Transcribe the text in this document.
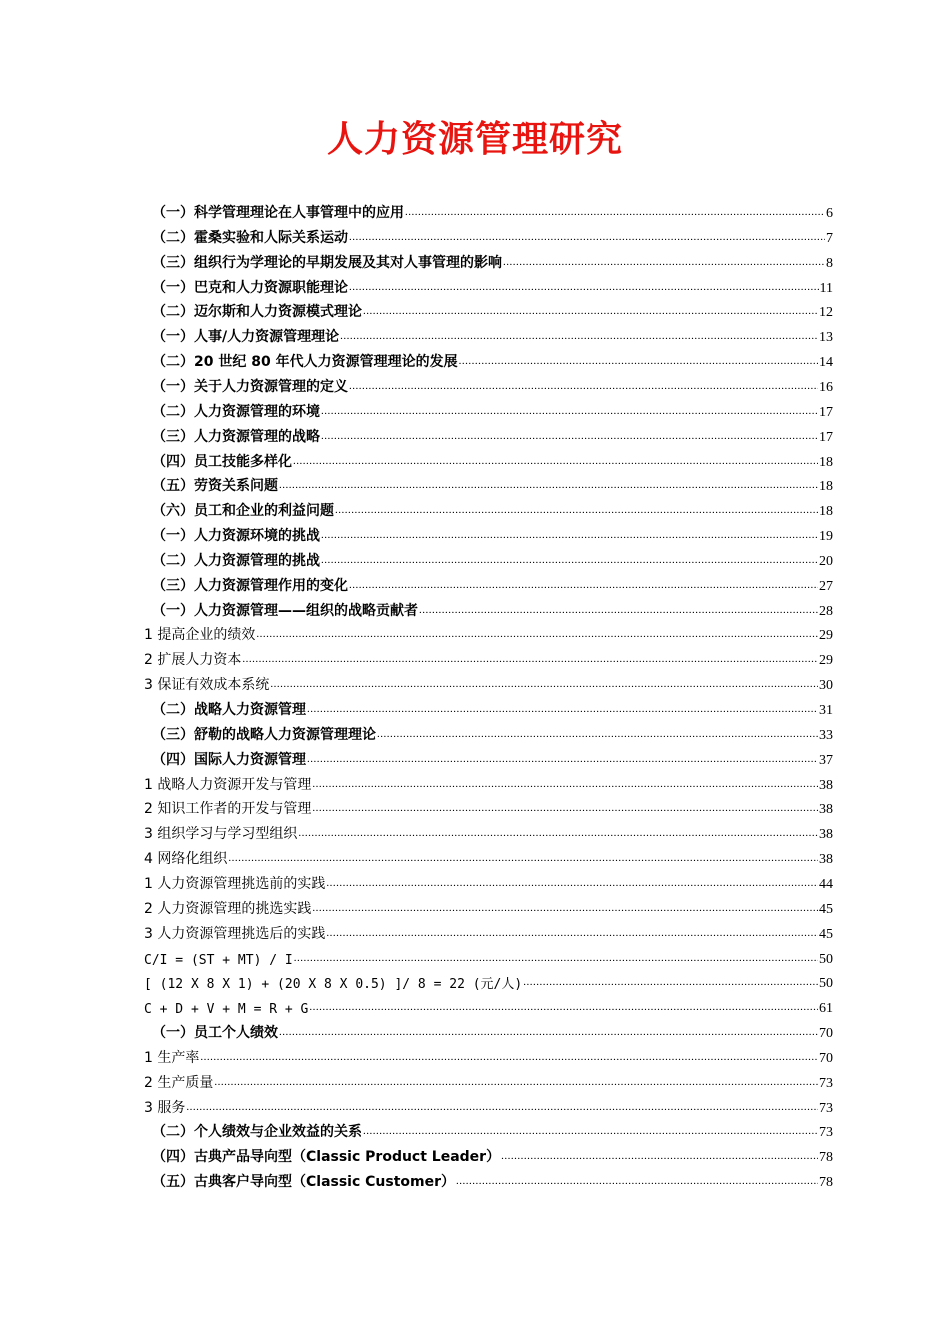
人力资源管理研究
（一）科学管理理论在人事管理中的应用 .....	6
（二）霍桑实验和人际关系运动 .....	7
（三）组织行为学理论的早期发展及其对人事管理的影响 .....	8
（一）巴克和人力资源职能理论 .....	11
（二）迈尔斯和人力资源模式理论 .....	12
（一）人事/人力资源管理理论 .....	13
（二）20 世纪 80 年代人力资源管理理论的发展 .....	14
（一）关于人力资源管理的定义 .....	16
（二）人力资源管理的环境 .....	17
（三）人力资源管理的战略 .....	17
（四）员工技能多样化 .....	18
（五）劳资关系问题 .....	18
（六）员工和企业的利益问题 .....	18
（一）人力资源环境的挑战 .....	19
（二）人力资源管理的挑战 .....	20
（三）人力资源管理作用的变化 .....	27
（一）人力资源管理——组织的战略贡献者 .....	28
1 提高企业的绩效 .....	29
2 扩展人力资本 .....	29
3 保证有效成本系统 .....	30
（二）战略人力资源管理 .....	31
（三）舒勒的战略人力资源管理理论 .....	33
（四）国际人力资源管理 .....	37
1 战略人力资源开发与管理 .....	38
2 知识工作者的开发与管理 .....	38
3 组织学习与学习型组织 .....	38
4 网络化组织 .....	38
1 人力资源管理挑选前的实践 .....	44
2 人力资源管理的挑选实践 .....	45
3 人力资源管理挑选后的实践 .....	45
C/I = (ST + MT) / I .....	50
[ (12 X 8 X 1) + (20 X 8 X 0.5) ]/ 8 = 22 (元/人) .....	50
C + D + V + M = R + G .....	61
（一）员工个人绩效 .....	70
1 生产率 .....	70
2 生产质量 .....	73
3 服务 .....	73
（二）个人绩效与企业效益的关系 .....	73
（四）古典产品导向型（Classic Product Leader） .....	78
（五）古典客户导向型（Classic Customer） .....	78
